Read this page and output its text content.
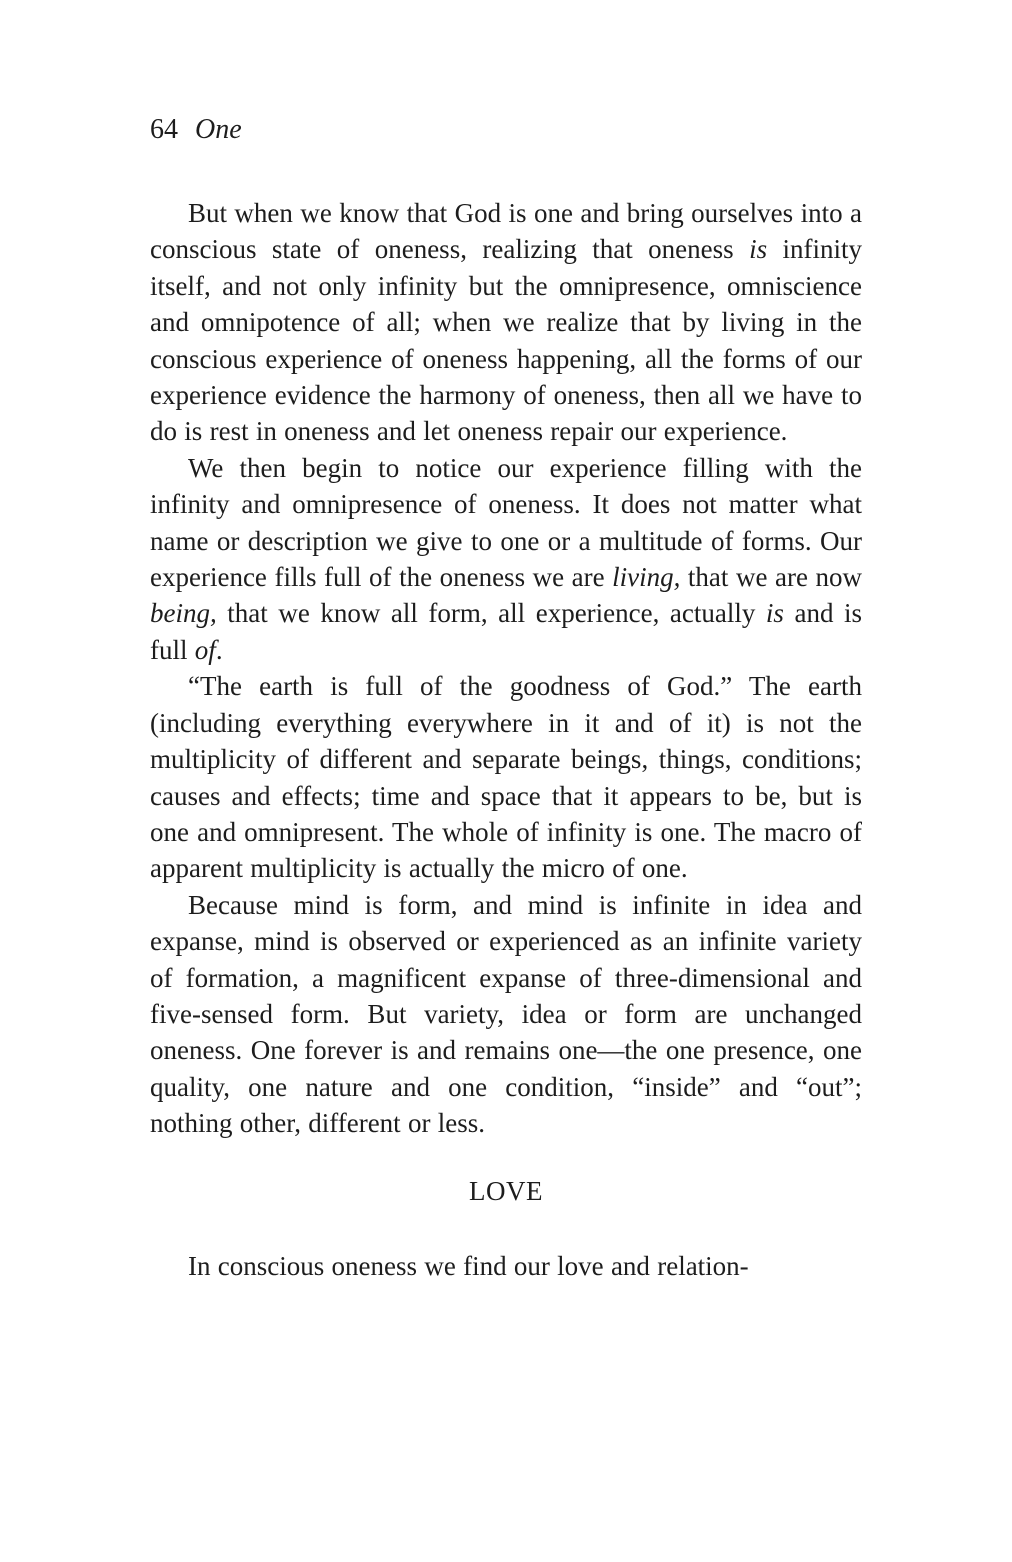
64 One

But when we know that God is one and bring ourselves into a conscious state of oneness, realizing that oneness is infinity itself, and not only infinity but the omnipresence, omniscience and omnipotence of all; when we realize that by living in the conscious experience of oneness happening, all the forms of our experience evidence the harmony of oneness, then all we have to do is rest in oneness and let oneness repair our experience.

We then begin to notice our experience filling with the infinity and omnipresence of oneness. It does not matter what name or description we give to one or a multitude of forms. Our experience fills full of the oneness we are living, that we are now being, that we know all form, all experience, actually is and is full of.

“The earth is full of the goodness of God.” The earth (including everything everywhere in it and of it) is not the multiplicity of different and separate beings, things, conditions; causes and effects; time and space that it appears to be, but is one and omnipresent. The whole of infinity is one. The macro of apparent multiplicity is actually the micro of one.

Because mind is form, and mind is infinite in idea and expanse, mind is observed or experienced as an infinite variety of formation, a magnificent expanse of three-dimensional and five-sensed form. But variety, idea or form are unchanged oneness. One forever is and remains one—the one presence, one quality, one nature and one condition, “inside” and “out”; nothing other, different or less.

LOVE

In conscious oneness we find our love and relation-
